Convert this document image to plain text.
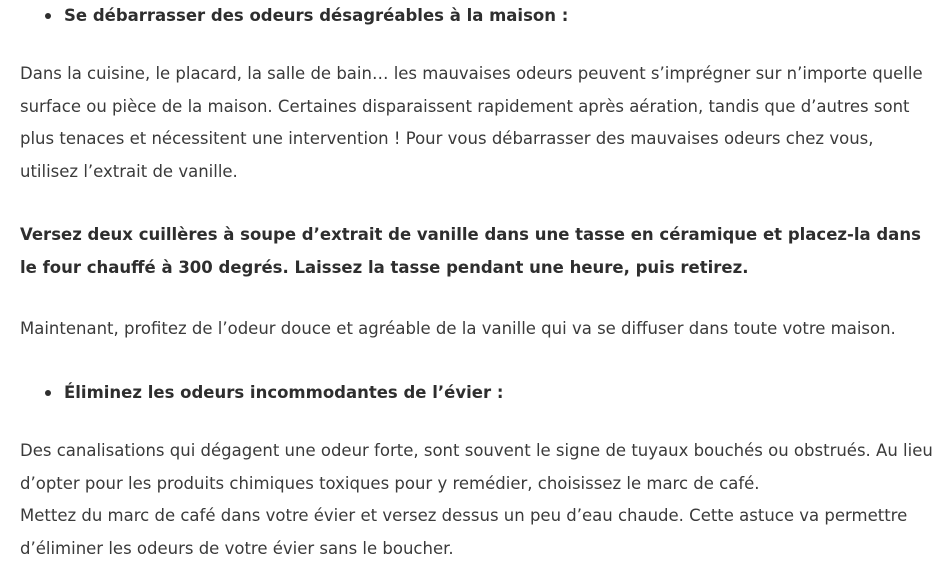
Se débarrasser des odeurs désagréables à la maison :

Dans la cuisine, le placard, la salle de bain… les mauvaises odeurs peuvent s’imprégner sur n’importe quelle surface ou pièce de la maison. Certaines disparaissent rapidement après aération, tandis que d’autres sont plus tenaces et nécessitent une intervention ! Pour vous débarrasser des mauvaises odeurs chez vous, utilisez l’extrait de vanille.

Versez deux cuillères à soupe d’extrait de vanille dans une tasse en céramique et placez-la dans le four chauffé à 300 degrés. Laissez la tasse pendant une heure, puis retirez.

Maintenant, profitez de l’odeur douce et agréable de la vanille qui va se diffuser dans toute votre maison.

Éliminez les odeurs incommodantes de l’évier :

Des canalisations qui dégagent une odeur forte, sont souvent le signe de tuyaux bouchés ou obstrués. Au lieu d’opter pour les produits chimiques toxiques pour y remédier, choisissez le marc de café.

Mettez du marc de café dans votre évier et versez dessus un peu d’eau chaude. Cette astuce va permettre d’éliminer les odeurs de votre évier sans le boucher.
